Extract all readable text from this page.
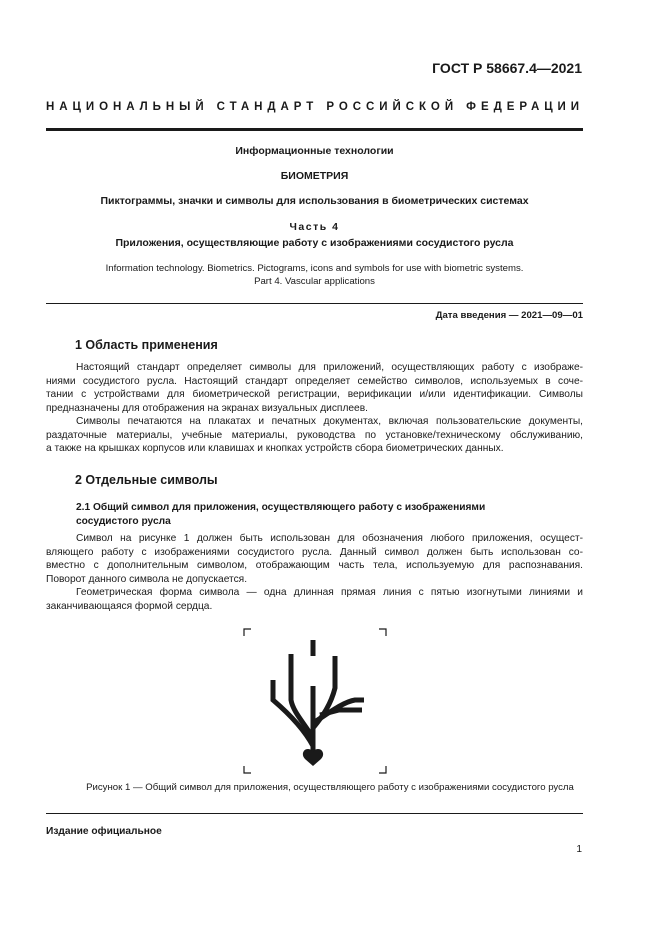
ГОСТ Р 58667.4—2021
НАЦИОНАЛЬНЫЙ СТАНДАРТ РОССИЙСКОЙ ФЕДЕРАЦИИ
Информационные технологии
БИОМЕТРИЯ
Пиктограммы, значки и символы для использования в биометрических системах
Часть 4
Приложения, осуществляющие работу с изображениями сосудистого русла
Information technology. Biometrics. Pictograms, icons and symbols for use with biometric systems.
Part 4. Vascular applications
Дата введения — 2021—09—01
1 Область применения
Настоящий стандарт определяет символы для приложений, осуществляющих работу с изображе-
ниями сосудистого русла. Настоящий стандарт определяет семейство символов, используемых в соче-
тании с устройствами для биометрической регистрации, верификации и/или идентификации. Символы
предназначены для отображения на экранах визуальных дисплеев.
Символы печатаются на плакатах и печатных документах, включая пользовательские документы,
раздаточные материалы, учебные материалы, руководства по установке/техническому обслуживанию,
а также на крышках корпусов или клавишах и кнопках устройств сбора биометрических данных.
2 Отдельные символы
2.1 Общий символ для приложения, осуществляющего работу с изображениями
сосудистого русла
Символ на рисунке 1 должен быть использован для обозначения любого приложения, осущест-
вляющего работу с изображениями сосудистого русла. Данный символ должен быть использован со-
вместно с дополнительным символом, отображающим часть тела, используемую для распознавания.
Поворот данного символа не допускается.
Геометрическая форма символа — одна длинная прямая линия с пятью изогнутыми линиями и
заканчивающаяся формой сердца.
Рисунок 1 — Общий символ для приложения, осуществляющего работу с изображениями сосудистого русла
Издание официальное
1
